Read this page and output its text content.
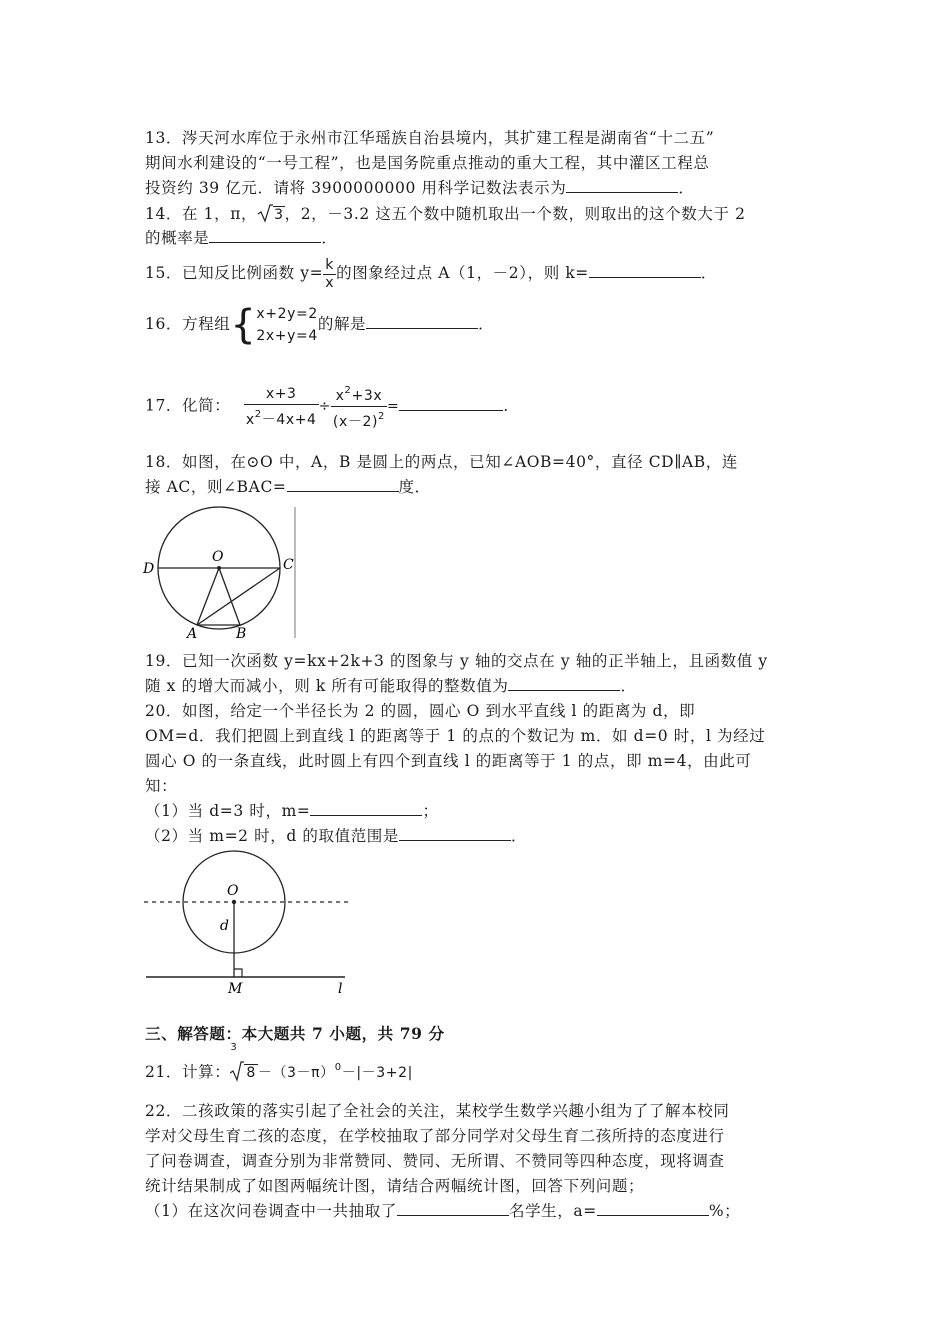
13．涔天河水库位于永州市江华瑶族自治县境内，其扩建工程是湖南省“十二五”
期间水利建设的“一号工程”，也是国务院重点推动的重大工程，其中灌区工程总
投资约 39 亿元．请将 3900000000 用科学记数法表示为	．
14．在 1，π， 3，2，－3.2 这五个数中随机取出一个数，则取出的这个数大于 2
的概率是	．
15．已知反比例函数 $y= \frac{k}{x}$ 的图象经过点 A（1，－2），则 k=	．
16．方程组{ x+2y=2
2x+y=4
的解是	．
17．化简： $\frac{x+3}{x^2-4x+4} \div \frac{x^2+3x}{(x-2)^2}$ =	．
18．如图，在⊙O 中，A，B 是圆上的两点，已知∠AOB=40°，直径 CD∥AB，连
接 AC，则∠BAC=	度．
D
O	C
A	B
19．已知一次函数 y=kx+2k+3 的图象与 y 轴的交点在 y 轴的正半轴上，且函数值 y
随 x 的增大而减小，则 k 所有可能取得的整数值为	．
20．如图，给定一个半径长为 2 的圆，圆心 O 到水平直线 l 的距离为 d，即
OM=d．我们把圆上到直线 l 的距离等于 1 的点的个数记为 m．如 d=0 时，l 为经过
圆心 O 的一条直线，此时圆上有四个到直线 l 的距离等于 1 的点，即 m=4，由此可
知：
（1）当 d=3 时，m=	；
（2）当 m=2 时，d 的取值范围是	．
O
d
M	l
三、解答题：本大题共 7 小题，共 79 分
21．计算：
3
$8 -(3-\pi)^0-|-3+2|$
22．二孩政策的落实引起了全社会的关注，某校学生数学兴趣小组为了了解本校同
学对父母生育二孩的态度，在学校抽取了部分同学对父母生育二孩所持的态度进行
了问卷调查，调查分别为非常赞同、赞同、无所谓、不赞同等四种态度，现将调查
统计结果制成了如图两幅统计图，请结合两幅统计图，回答下列问题；
（1）在这次问卷调查中一共抽取了	名学生，a=	%；
